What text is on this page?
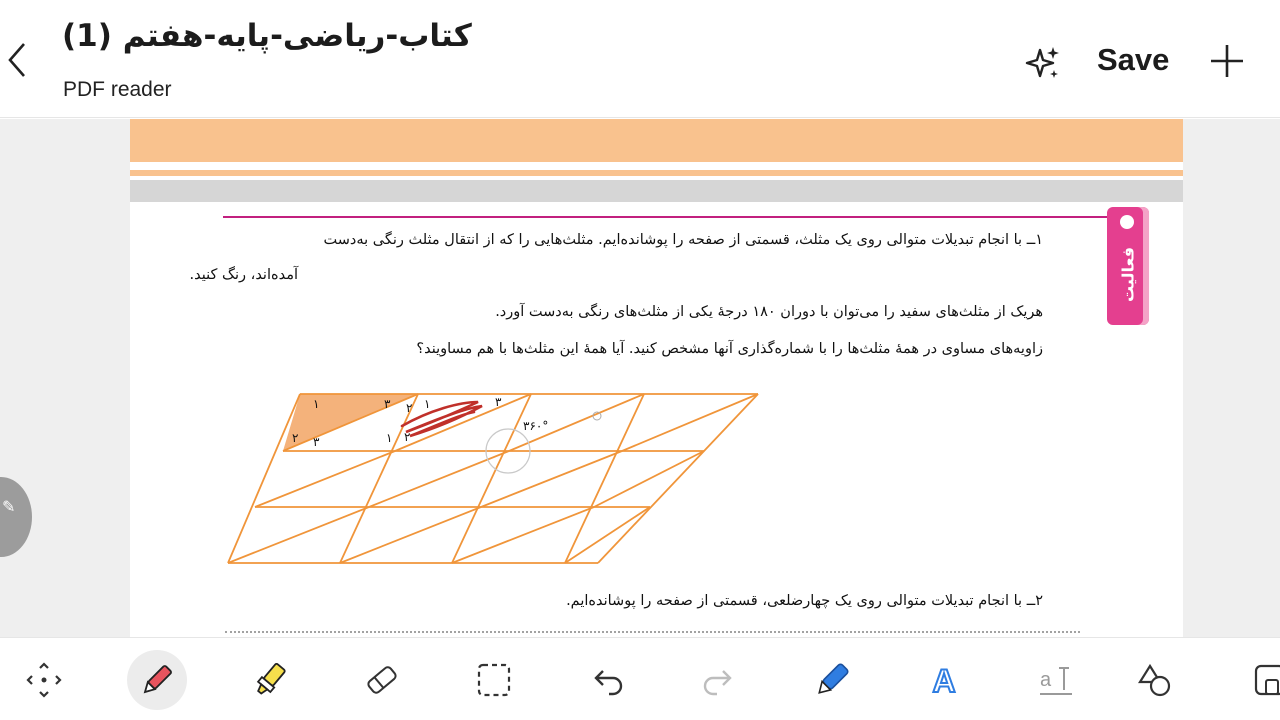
کتاب-ریاضی-پایه-هفتم (1)
PDF reader
Save
فعالیت
۱ــ با انجام تبدیلات متوالی روی یک مثلث، قسمتی از صفحه را پوشانده‌ایم. مثلث‌هایی را که از انتقال مثلث رنگی به‌دست
آمده‌اند، رنگ کنید.
هریک از مثلث‌های سفید را می‌توان با دوران ۱۸۰ درجهٔ یکی از مثلث‌های رنگی به‌دست آورد.
زاویه‌های مساوی در همهٔ مثلث‌ها را با شماره‌گذاری آنها مشخص کنید. آیا همهٔ این مثلث‌ها با هم مساویند؟
۱	۳ ۲ ۱	۳
۲ ۳	۱ ۲
۳۶۰°
۲ــ با انجام تبدیلات متوالی روی یک چهارضلعی، قسمتی از صفحه را پوشانده‌ایم.
✎
A	a
